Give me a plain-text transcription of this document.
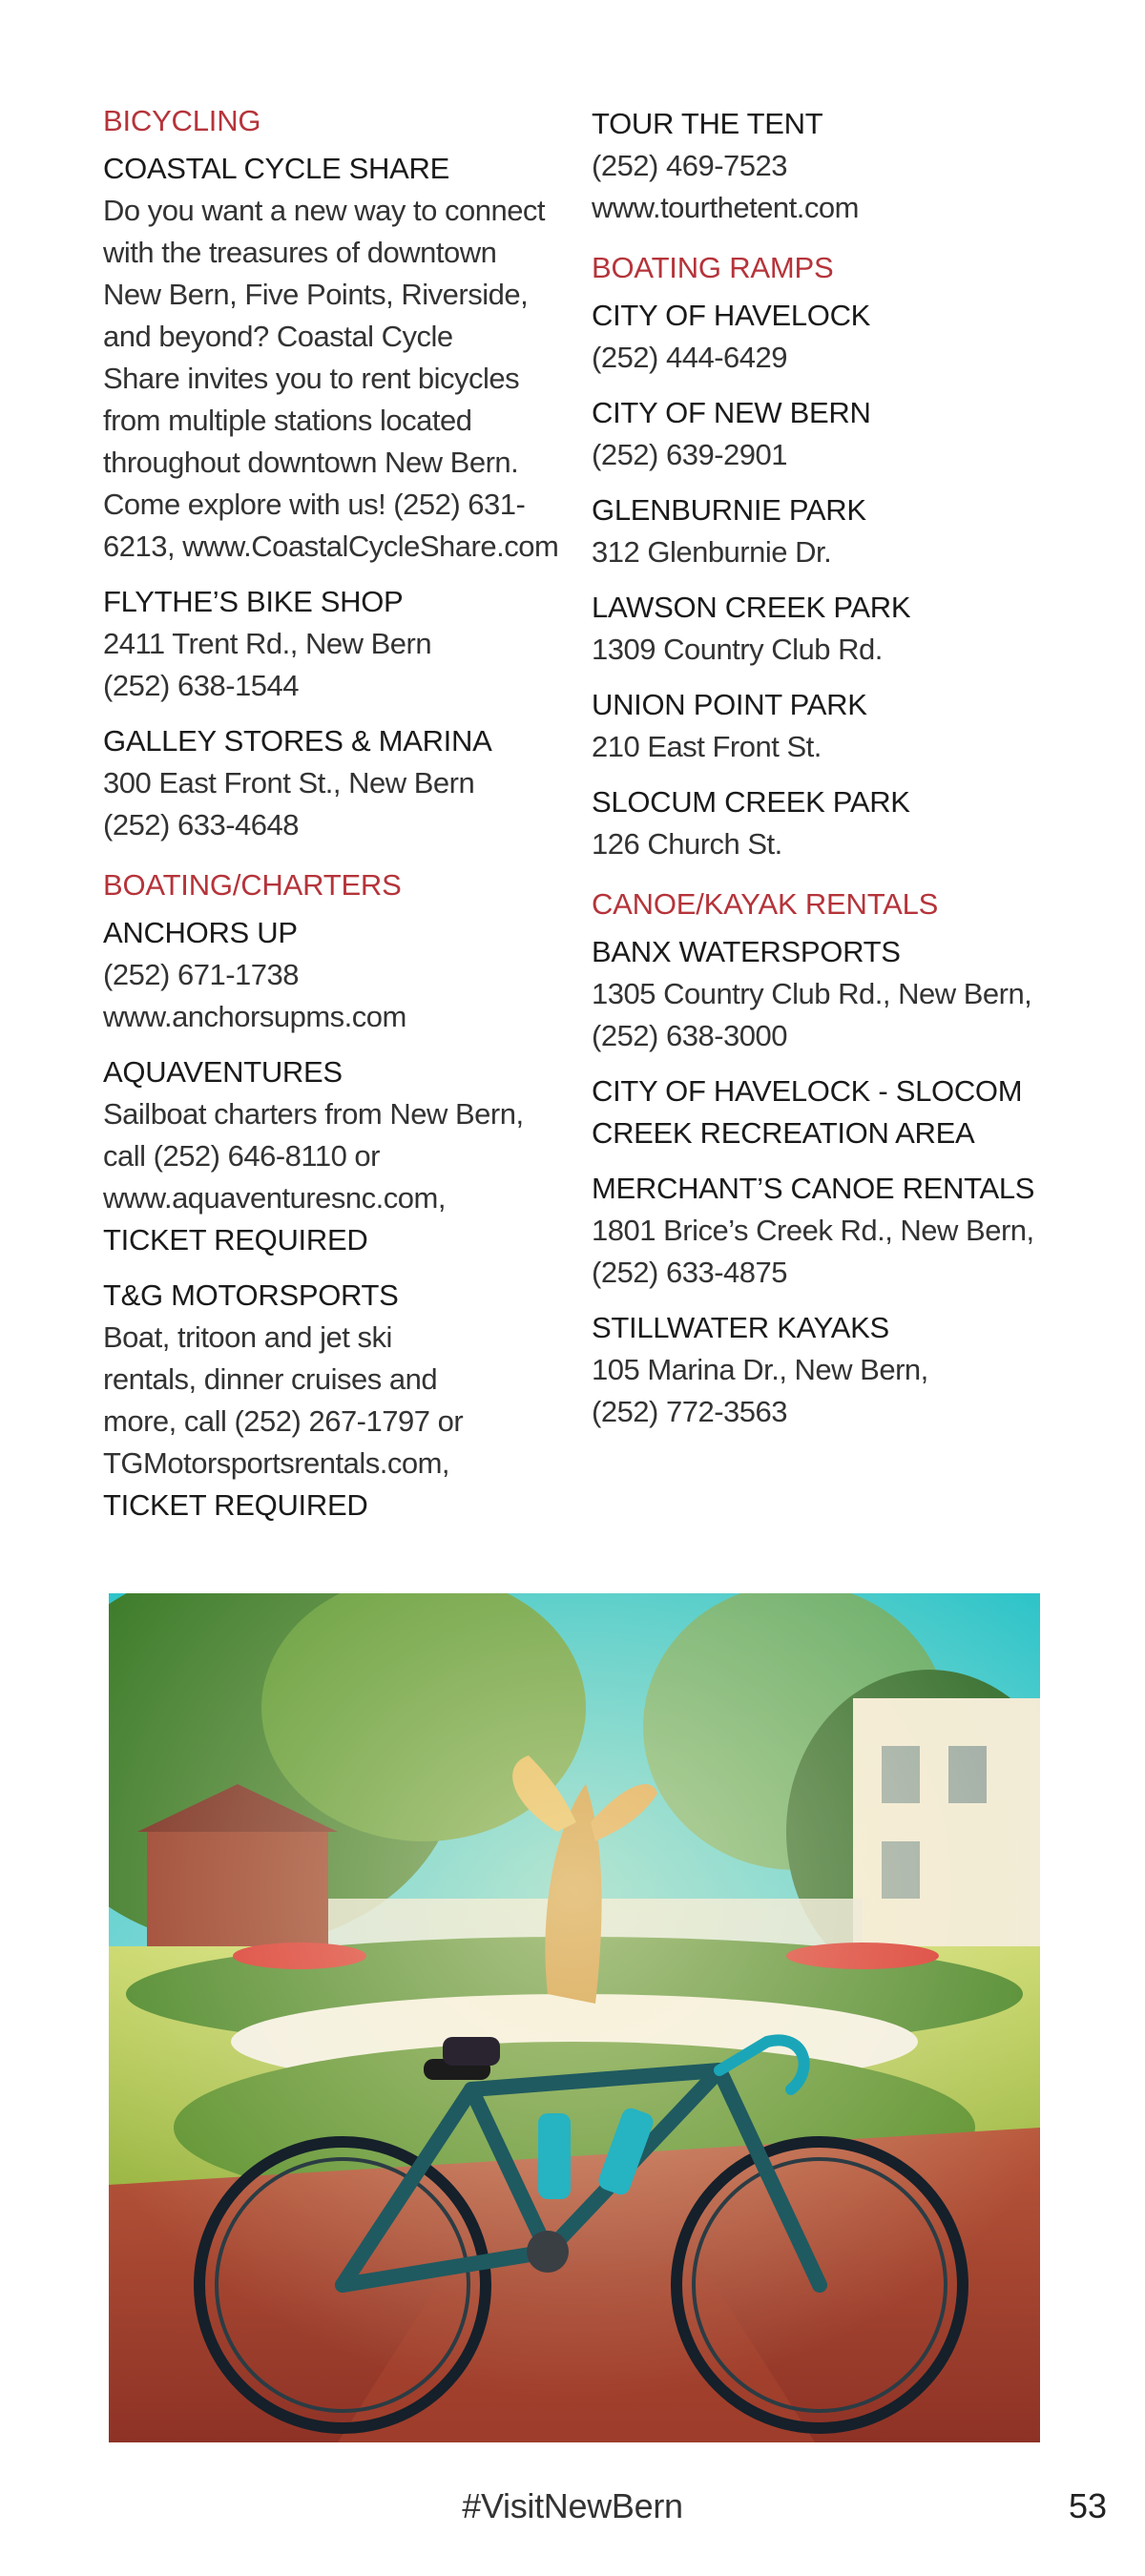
BICYCLING
COASTAL CYCLE SHARE
Do you want a new way to connect
with the treasures of downtown
New Bern, Five Points, Riverside,
and beyond? Coastal Cycle
Share invites you to rent bicycles
from multiple stations located
throughout downtown New Bern.
Come explore with us! (252) 631-
6213, www.CoastalCycleShare.com
FLYTHE’S BIKE SHOP
2411 Trent Rd., New Bern
(252) 638-1544
GALLEY STORES & MARINA
300 East Front St., New Bern
(252) 633-4648
BOATING/CHARTERS
ANCHORS UP
(252) 671-1738
www.anchorsupms.com
AQUAVENTURES
Sailboat charters from New Bern,
call (252) 646-8110 or
www.aquaventuresnc.com,
TICKET REQUIRED
T&G MOTORSPORTS
Boat, tritoon and jet ski
rentals, dinner cruises and
more, call (252) 267-1797 or
TGMotorsportsrentals.com,
TICKET REQUIRED
TOUR THE TENT
(252) 469-7523
www.tourthetent.com
BOATING RAMPS
CITY OF HAVELOCK
(252) 444-6429
CITY OF NEW BERN
(252) 639-2901
GLENBURNIE PARK
312 Glenburnie Dr.
LAWSON CREEK PARK
1309 Country Club Rd.
UNION POINT PARK
210 East Front St.
SLOCUM CREEK PARK
126 Church St.
CANOE/KAYAK RENTALS
BANX WATERSPORTS
1305 Country Club Rd., New Bern,
(252) 638-3000
CITY OF HAVELOCK - SLOCOM
CREEK RECREATION AREA
MERCHANT’S CANOE RENTALS
1801 Brice’s Creek Rd., New Bern,
(252) 633-4875
STILLWATER KAYAKS
105 Marina Dr., New Bern,
(252) 772-3563
#VisitNewBern	53
